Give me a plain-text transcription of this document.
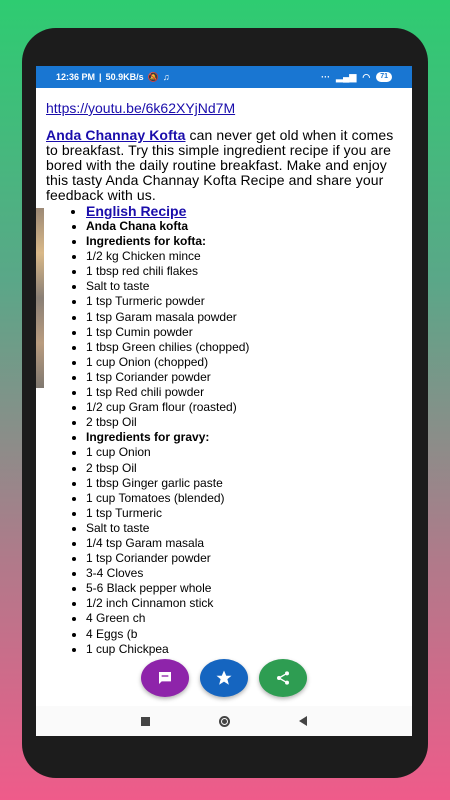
12:36 PM | 50.9KB/s 🔕 ♫	··· ▂▄▆ ◠	71
https://youtu.be/6k62XYjNd7M
Anda Channay Kofta can never get old when it comes to breakfast. Try this simple ingredient recipe if you are bored with the daily routine breakfast. Make and enjoy this tasty Anda Channay Kofta Recipe and share your feedback with us.
• English Recipe
• Anda Chana kofta
• Ingredients for kofta:
• 1/2 kg Chicken mince
• 1 tbsp red chili flakes
• Salt to taste
• 1 tsp Turmeric powder
• 1 tsp Garam masala powder
• 1 tsp Cumin powder
• 1 tbsp Green chilies (chopped)
• 1 cup Onion (chopped)
• 1 tsp Coriander powder
• 1 tsp Red chili powder
• 1/2 cup Gram flour (roasted)
• 2 tbsp Oil
• Ingredients for gravy:
• 1 cup Onion
• 2 tbsp Oil
• 1 tbsp Ginger garlic paste
• 1 cup Tomatoes (blended)
• 1 tsp Turmeric
• Salt to taste
• 1/4 tsp Garam masala
• 1 tsp Coriander powder
• 3-4 Cloves
• 5-6 Black pepper whole
• 1/2 inch Cinnamon stick
• 4 Green ch
• 4 Eggs (b
• 1 cup Chickpea
